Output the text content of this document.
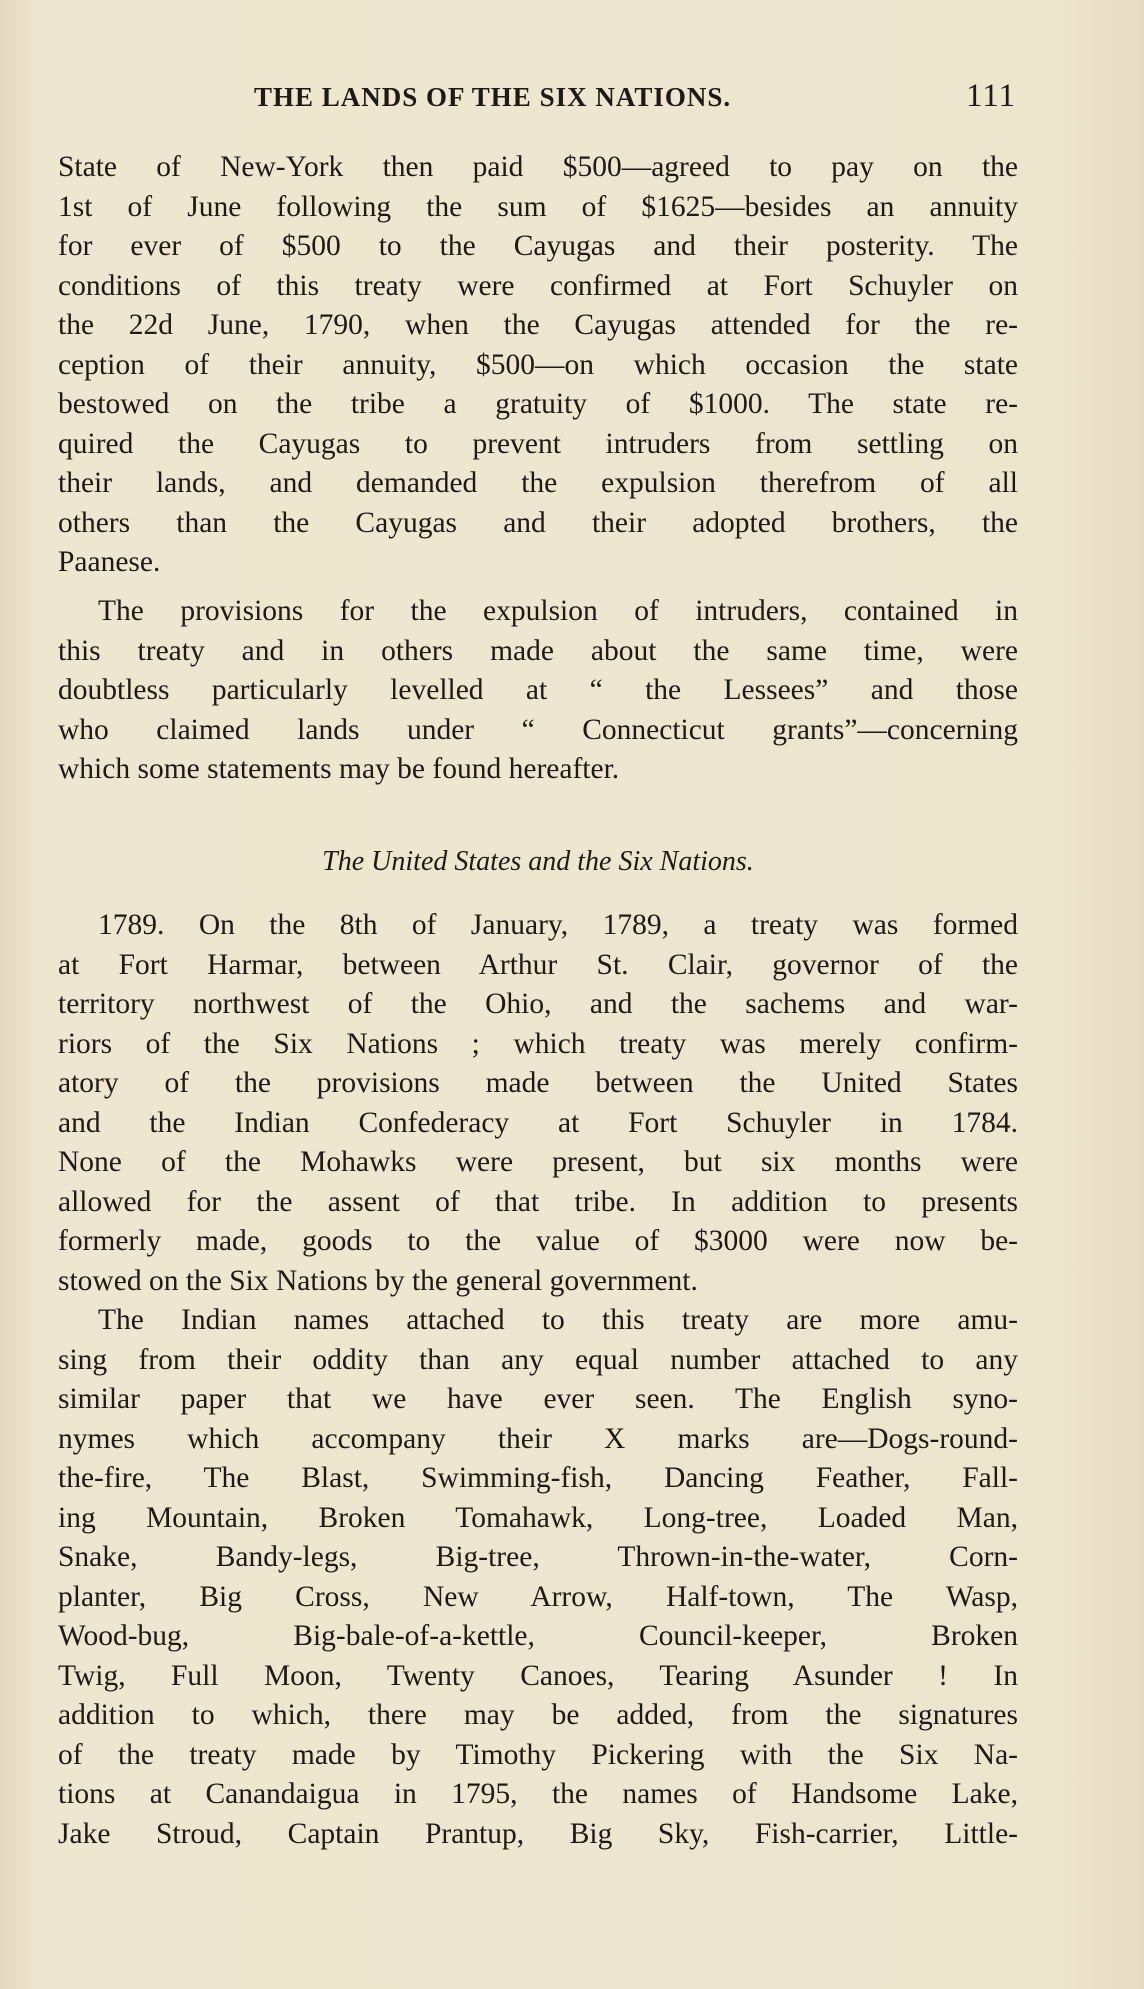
THE LANDS OF THE SIX NATIONS.	111
State of New-York then paid $500—agreed to pay on the
1st of June following the sum of $1625—besides an annuity
for ever of $500 to the Cayugas and their posterity. The
conditions of this treaty were confirmed at Fort Schuyler on
the 22d June, 1790, when the Cayugas attended for the re-
ception of their annuity, $500—on which occasion the state
bestowed on the tribe a gratuity of $1000. The state re-
quired the Cayugas to prevent intruders from settling on
their lands, and demanded the expulsion therefrom of all
others than the Cayugas and their adopted brothers, the
Paanese.
The provisions for the expulsion of intruders, contained in
this treaty and in others made about the same time, were
doubtless particularly levelled at “ the Lessees” and those
who claimed lands under “ Connecticut grants”—concerning
which some statements may be found hereafter.
The United States and the Six Nations.
1789. On the 8th of January, 1789, a treaty was formed
at Fort Harmar, between Arthur St. Clair, governor of the
territory northwest of the Ohio, and the sachems and war-
riors of the Six Nations ; which treaty was merely confirm-
atory of the provisions made between the United States
and the Indian Confederacy at Fort Schuyler in 1784.
None of the Mohawks were present, but six months were
allowed for the assent of that tribe. In addition to presents
formerly made, goods to the value of $3000 were now be-
stowed on the Six Nations by the general government.
The Indian names attached to this treaty are more amu-
sing from their oddity than any equal number attached to any
similar paper that we have ever seen. The English syno-
nymes which accompany their X marks are—Dogs-round-
the-fire, The Blast, Swimming-fish, Dancing Feather, Fall-
ing Mountain, Broken Tomahawk, Long-tree, Loaded Man,
Snake, Bandy-legs, Big-tree, Thrown-in-the-water, Corn-
planter, Big Cross, New Arrow, Half-town, The Wasp,
Wood-bug, Big-bale-of-a-kettle, Council-keeper, Broken
Twig, Full Moon, Twenty Canoes, Tearing Asunder ! In
addition to which, there may be added, from the signatures
of the treaty made by Timothy Pickering with the Six Na-
tions at Canandaigua in 1795, the names of Handsome Lake,
Jake Stroud, Captain Prantup, Big Sky, Fish-carrier, Little-
